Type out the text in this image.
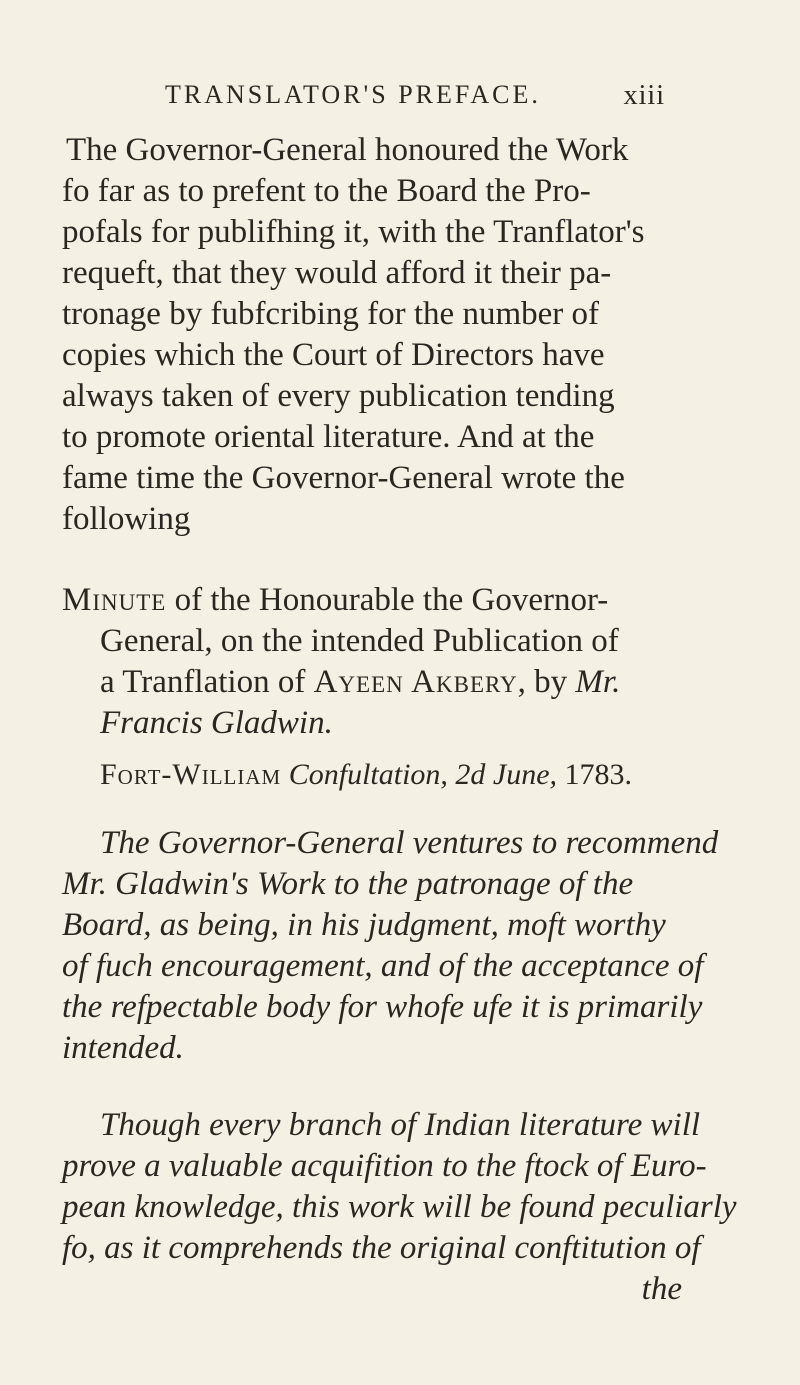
TRANSLATOR'S PREFACE.	xiii
The Governor-General honoured the Work
fo far as to prefent to the Board the Pro-
pofals for publifhing it, with the Tranflator's
requeft, that they would afford it their pa-
tronage by fubfcribing for the number of
copies which the Court of Directors have
always taken of every publication tending
to promote oriental literature. And at the
fame time the Governor-General wrote the
following
Minute of the Honourable the Governor-
General, on the intended Publication of
a Tranflation of Ayeen Akbery, by Mr.
Francis Gladwin.
Fort-William Confultation, 2d June, 1783.
The Governor-General ventures to recommend
Mr. Gladwin's Work to the patronage of the
Board, as being, in his judgment, moft worthy
of fuch encouragement, and of the acceptance of
the refpectable body for whofe ufe it is primarily
intended.
Though every branch of Indian literature will
prove a valuable acquifition to the ftock of Euro-
pean knowledge, this work will be found peculiarly
fo, as it comprehends the original conftitution of
the
